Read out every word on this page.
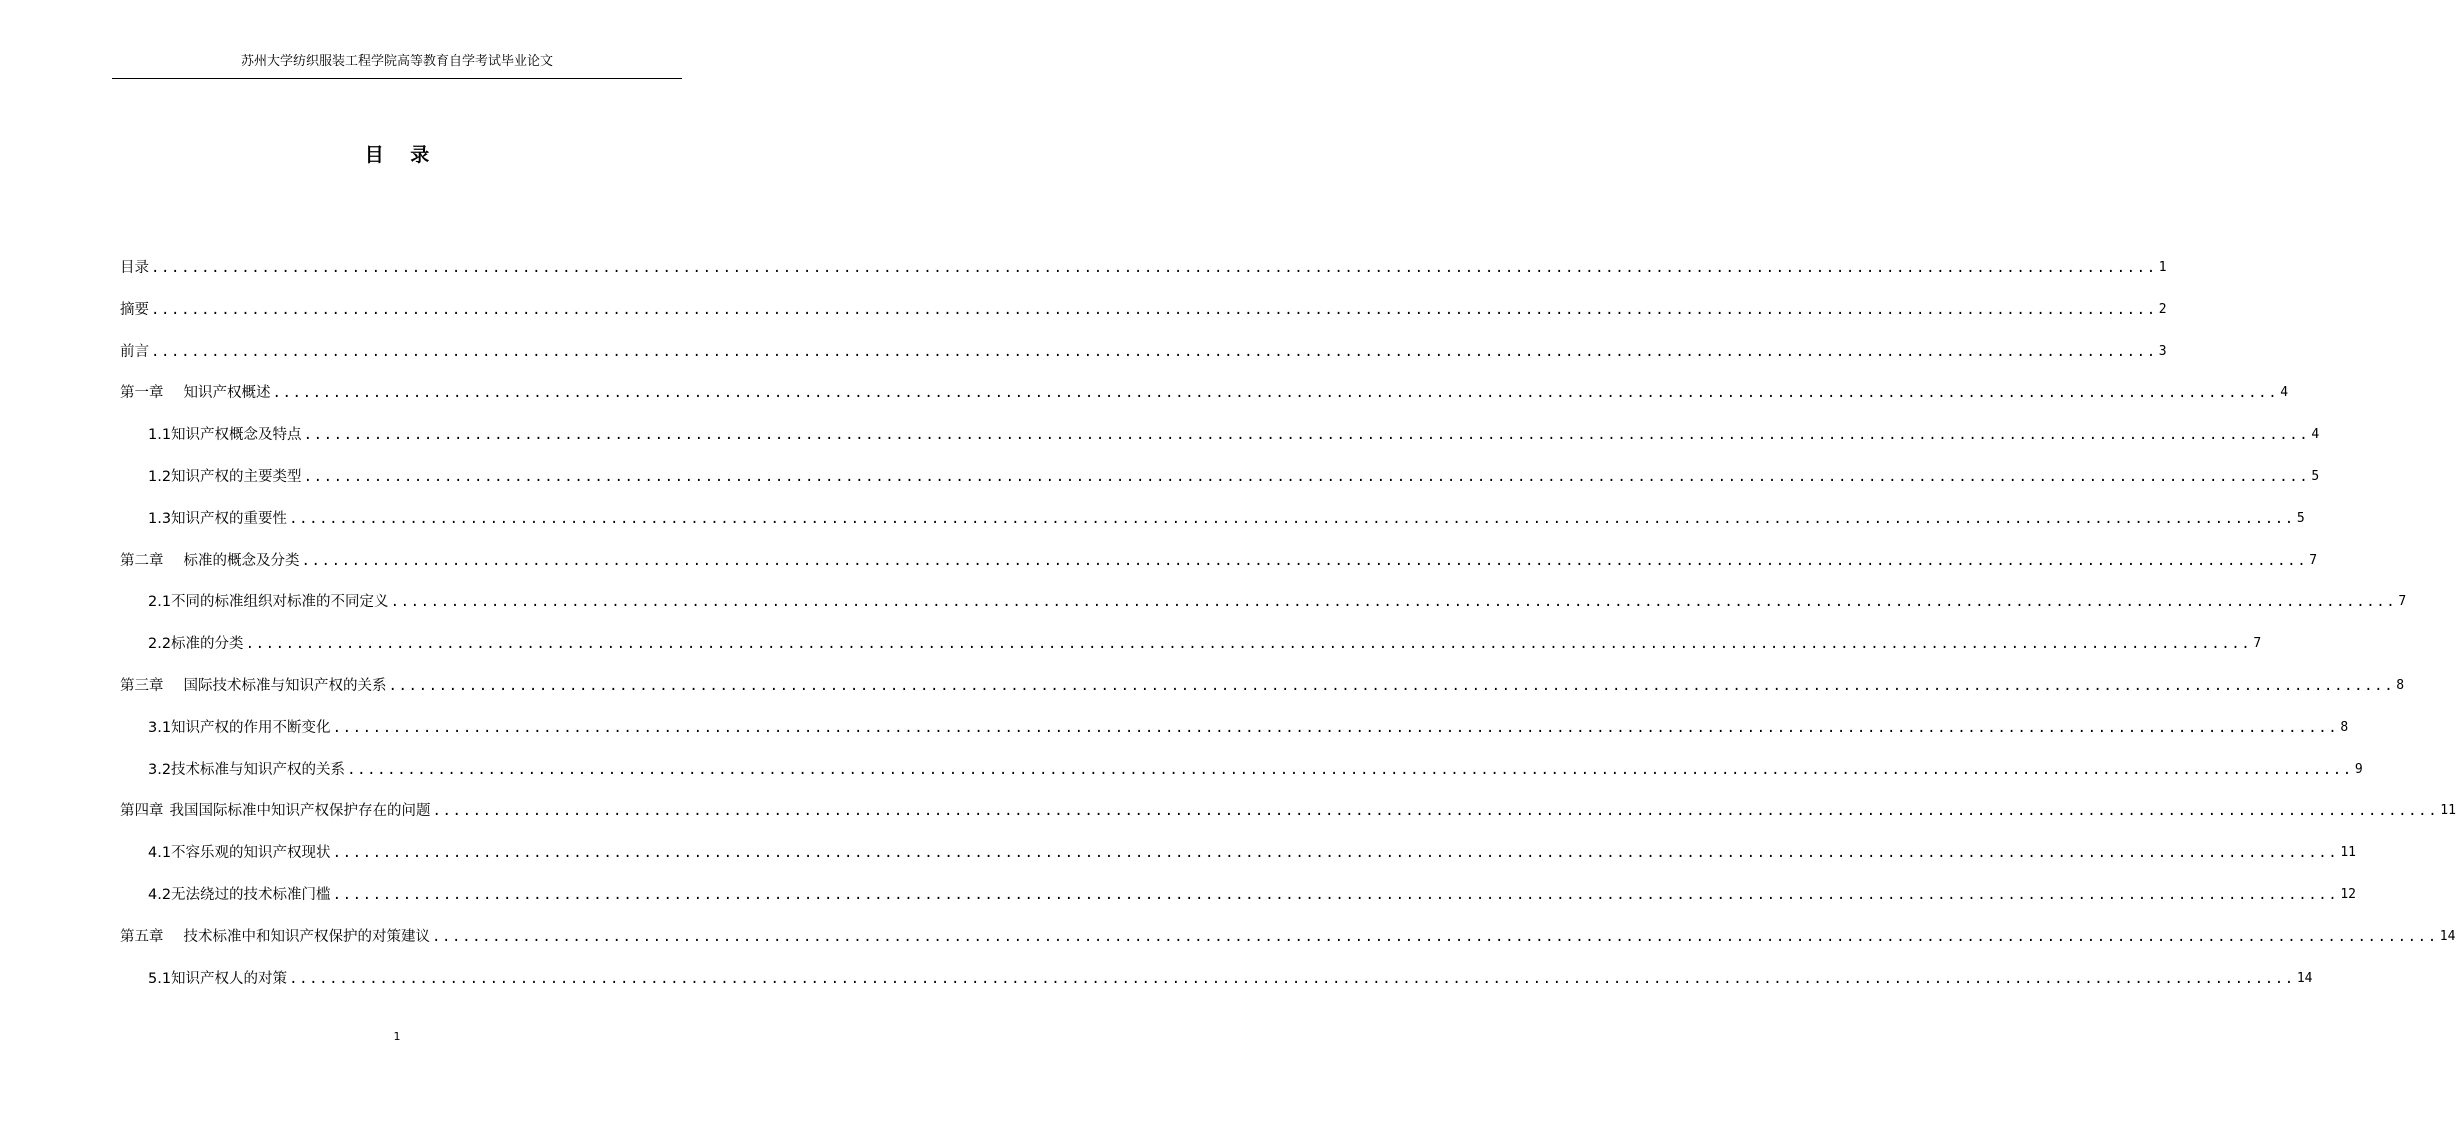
苏州大学纺织服装工程学院高等教育自学考试毕业论文
目 录
目录 ........................................................................................................................................................................................................ 1
摘要 ........................................................................................................................................................................................................ 2
前言 ........................................................................................................................................................................................................ 3
第一章 知识产权概述 ........................................................................................................................................................................................................ 4
1.1知识产权概念及特点 ........................................................................................................................................................................................................ 4
1.2知识产权的主要类型 ........................................................................................................................................................................................................ 5
1.3知识产权的重要性 ........................................................................................................................................................................................................ 5
第二章 标准的概念及分类 ........................................................................................................................................................................................................ 7
2.1不同的标准组织对标准的不同定义 ........................................................................................................................................................................................................ 7
2.2标准的分类 ........................................................................................................................................................................................................ 7
第三章 国际技术标准与知识产权的关系 ........................................................................................................................................................................................................ 8
3.1知识产权的作用不断变化 ........................................................................................................................................................................................................ 8
3.2技术标准与知识产权的关系 ........................................................................................................................................................................................................ 9
第四章 我国国际标准中知识产权保护存在的问题 ........................................................................................................................................................................................................ 11
4.1不容乐观的知识产权现状 ........................................................................................................................................................................................................ 11
4.2无法绕过的技术标准门槛 ........................................................................................................................................................................................................ 12
第五章 技术标准中和知识产权保护的对策建议 ........................................................................................................................................................................................................ 14
5.1知识产权人的对策 ........................................................................................................................................................................................................ 14
1
